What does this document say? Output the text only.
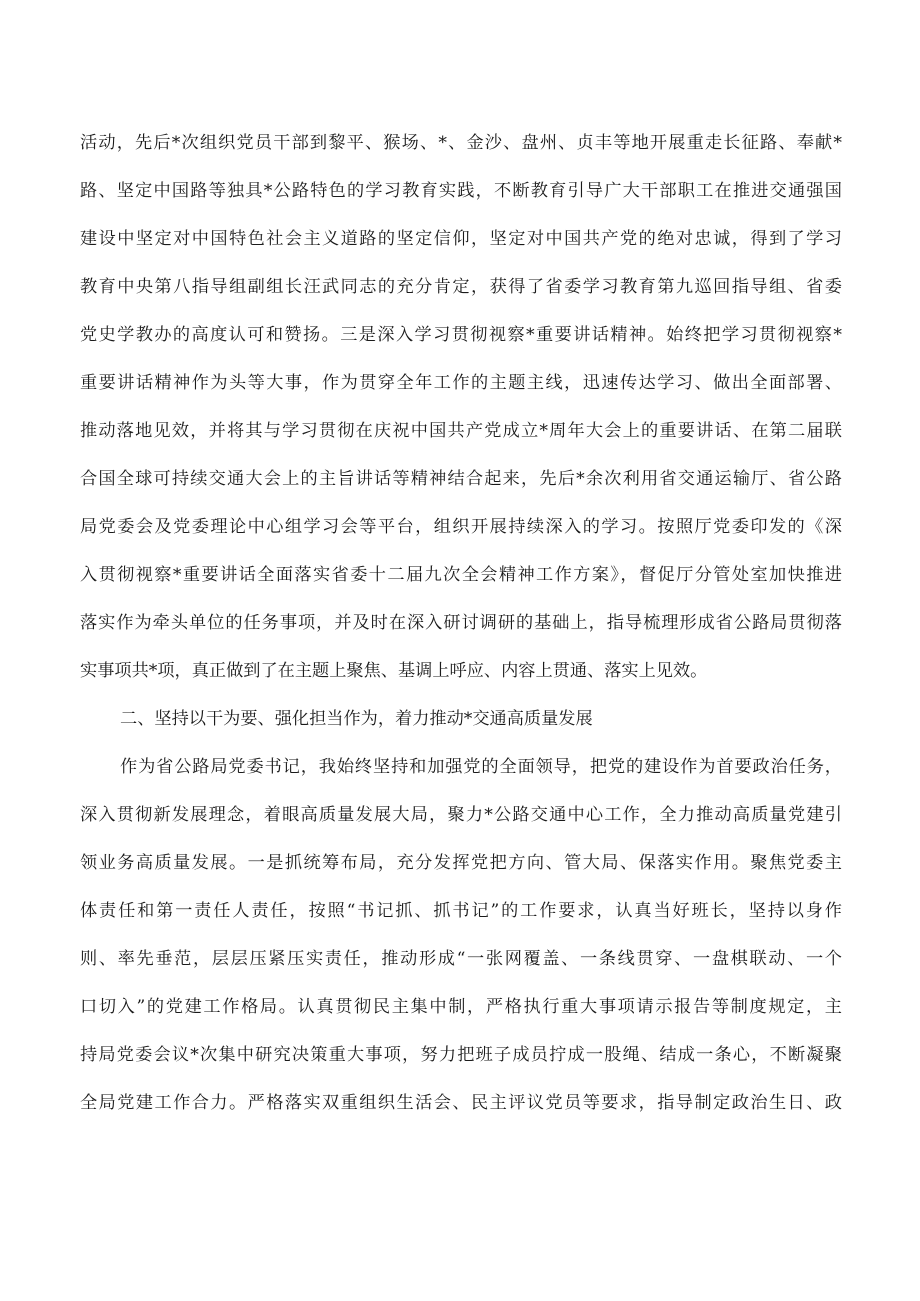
活动，先后*次组织党员干部到黎平、猴场、*、金沙、盘州、贞丰等地开展重走长征路、奉献*
路、坚定中国路等独具*公路特色的学习教育实践，不断教育引导广大干部职工在推进交通强国
建设中坚定对中国特色社会主义道路的坚定信仰，坚定对中国共产党的绝对忠诚，得到了学习
教育中央第八指导组副组长汪武同志的充分肯定，获得了省委学习教育第九巡回指导组、省委
党史学教办的高度认可和赞扬。三是深入学习贯彻视察*重要讲话精神。始终把学习贯彻视察*
重要讲话精神作为头等大事，作为贯穿全年工作的主题主线，迅速传达学习、做出全面部署、
推动落地见效，并将其与学习贯彻在庆祝中国共产党成立*周年大会上的重要讲话、在第二届联
合国全球可持续交通大会上的主旨讲话等精神结合起来，先后*余次利用省交通运输厅、省公路
局党委会及党委理论中心组学习会等平台，组织开展持续深入的学习。按照厅党委印发的《深
入贯彻视察*重要讲话全面落实省委十二届九次全会精神工作方案》，督促厅分管处室加快推进
落实作为牵头单位的任务事项，并及时在深入研讨调研的基础上，指导梳理形成省公路局贯彻落
实事项共*项，真正做到了在主题上聚焦、基调上呼应、内容上贯通、落实上见效。
二、坚持以干为要、强化担当作为，着力推动*交通高质量发展
作为省公路局党委书记，我始终坚持和加强党的全面领导，把党的建设作为首要政治任务，
深入贯彻新发展理念，着眼高质量发展大局，聚力*公路交通中心工作，全力推动高质量党建引
领业务高质量发展。一是抓统筹布局，充分发挥党把方向、管大局、保落实作用。聚焦党委主
体责任和第一责任人责任，按照“书记抓、抓书记”的工作要求，认真当好班长，坚持以身作
则、率先垂范，层层压紧压实责任，推动形成“一张网覆盖、一条线贯穿、一盘棋联动、一个
口切入”的党建工作格局。认真贯彻民主集中制，严格执行重大事项请示报告等制度规定，主
持局党委会议*次集中研究决策重大事项，努力把班子成员拧成一股绳、结成一条心，不断凝聚
全局党建工作合力。严格落实双重组织生活会、民主评议党员等要求，指导制定政治生日、政
